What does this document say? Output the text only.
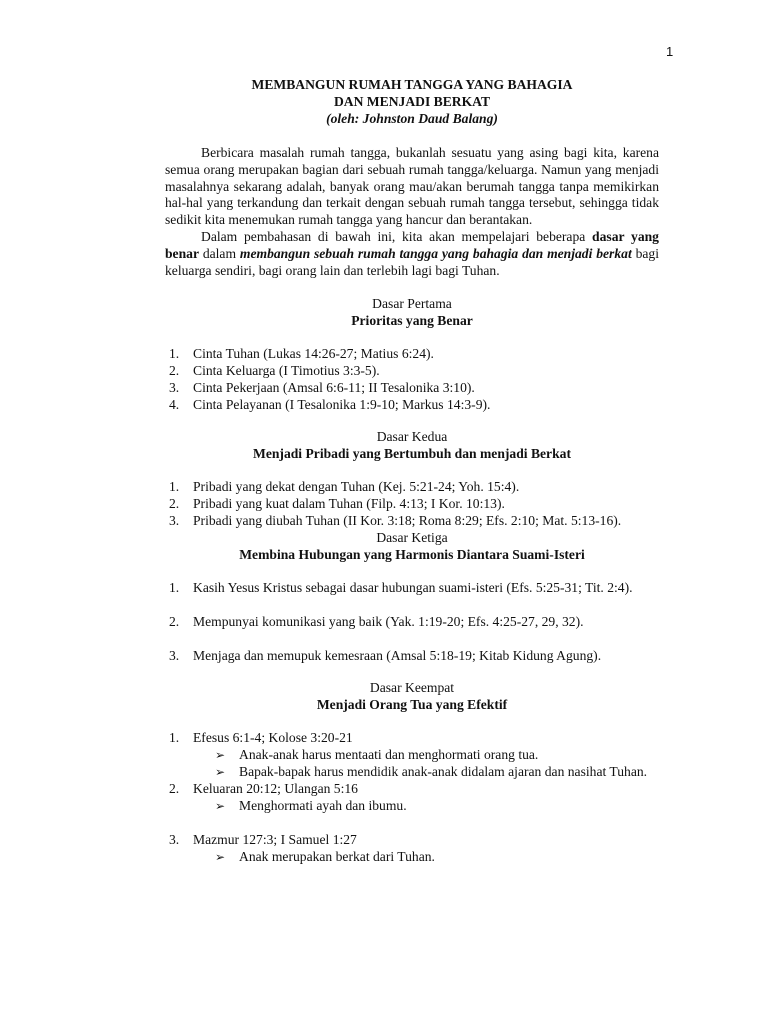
1
MEMBANGUN RUMAH TANGGA YANG BAHAGIA
DAN MENJADI BERKAT
(oleh: Johnston Daud Balang)

Berbicara masalah rumah tangga, bukanlah sesuatu yang asing bagi kita, karena semua orang merupakan bagian dari sebuah rumah tangga/keluarga. Namun yang menjadi masalahnya sekarang adalah, banyak orang mau/akan berumah tangga tanpa memikirkan hal-hal yang terkandung dan terkait dengan sebuah rumah tangga tersebut, sehingga tidak sedikit kita menemukan rumah tangga yang hancur dan berantakan.

Dalam pembahasan di bawah ini, kita akan mempelajari beberapa dasar yang benar dalam membangun sebuah rumah tangga yang bahagia dan menjadi berkat bagi keluarga sendiri, bagi orang lain dan terlebih lagi bagi Tuhan.

Dasar Pertama
Prioritas yang Benar
1. Cinta Tuhan (Lukas 14:26-27; Matius 6:24).
2. Cinta Keluarga (I Timotius 3:3-5).
3. Cinta Pekerjaan (Amsal 6:6-11; II Tesalonika 3:10).
4. Cinta Pelayanan (I Tesalonika 1:9-10; Markus 14:3-9).
Dasar Kedua
Menjadi Pribadi yang Bertumbuh dan menjadi Berkat
1. Pribadi yang dekat dengan Tuhan (Kej. 5:21-24; Yoh. 15:4).
2. Pribadi yang kuat dalam Tuhan (Filp. 4:13; I Kor. 10:13).
3. Pribadi yang diubah Tuhan (II Kor. 3:18; Roma 8:29; Efs. 2:10; Mat. 5:13-16).
Dasar Ketiga
Membina Hubungan yang Harmonis Diantara Suami-Isteri
1. Kasih Yesus Kristus sebagai dasar hubungan suami-isteri (Efs. 5:25-31; Tit. 2:4).
2. Mempunyai komunikasi yang baik (Yak. 1:19-20; Efs. 4:25-27, 29, 32).
3. Menjaga dan memupuk kemesraan (Amsal 5:18-19; Kitab Kidung Agung).
Dasar Keempat
Menjadi Orang Tua yang Efektif
1. Efesus 6:1-4; Kolose 3:20-21
➢ Anak-anak harus mentaati dan menghormati orang tua.
➢ Bapak-bapak harus mendidik anak-anak didalam ajaran dan nasihat Tuhan.
2. Keluaran 20:12; Ulangan 5:16
➢ Menghormati ayah dan ibumu.
3. Mazmur 127:3; I Samuel 1:27
➢ Anak merupakan berkat dari Tuhan.
